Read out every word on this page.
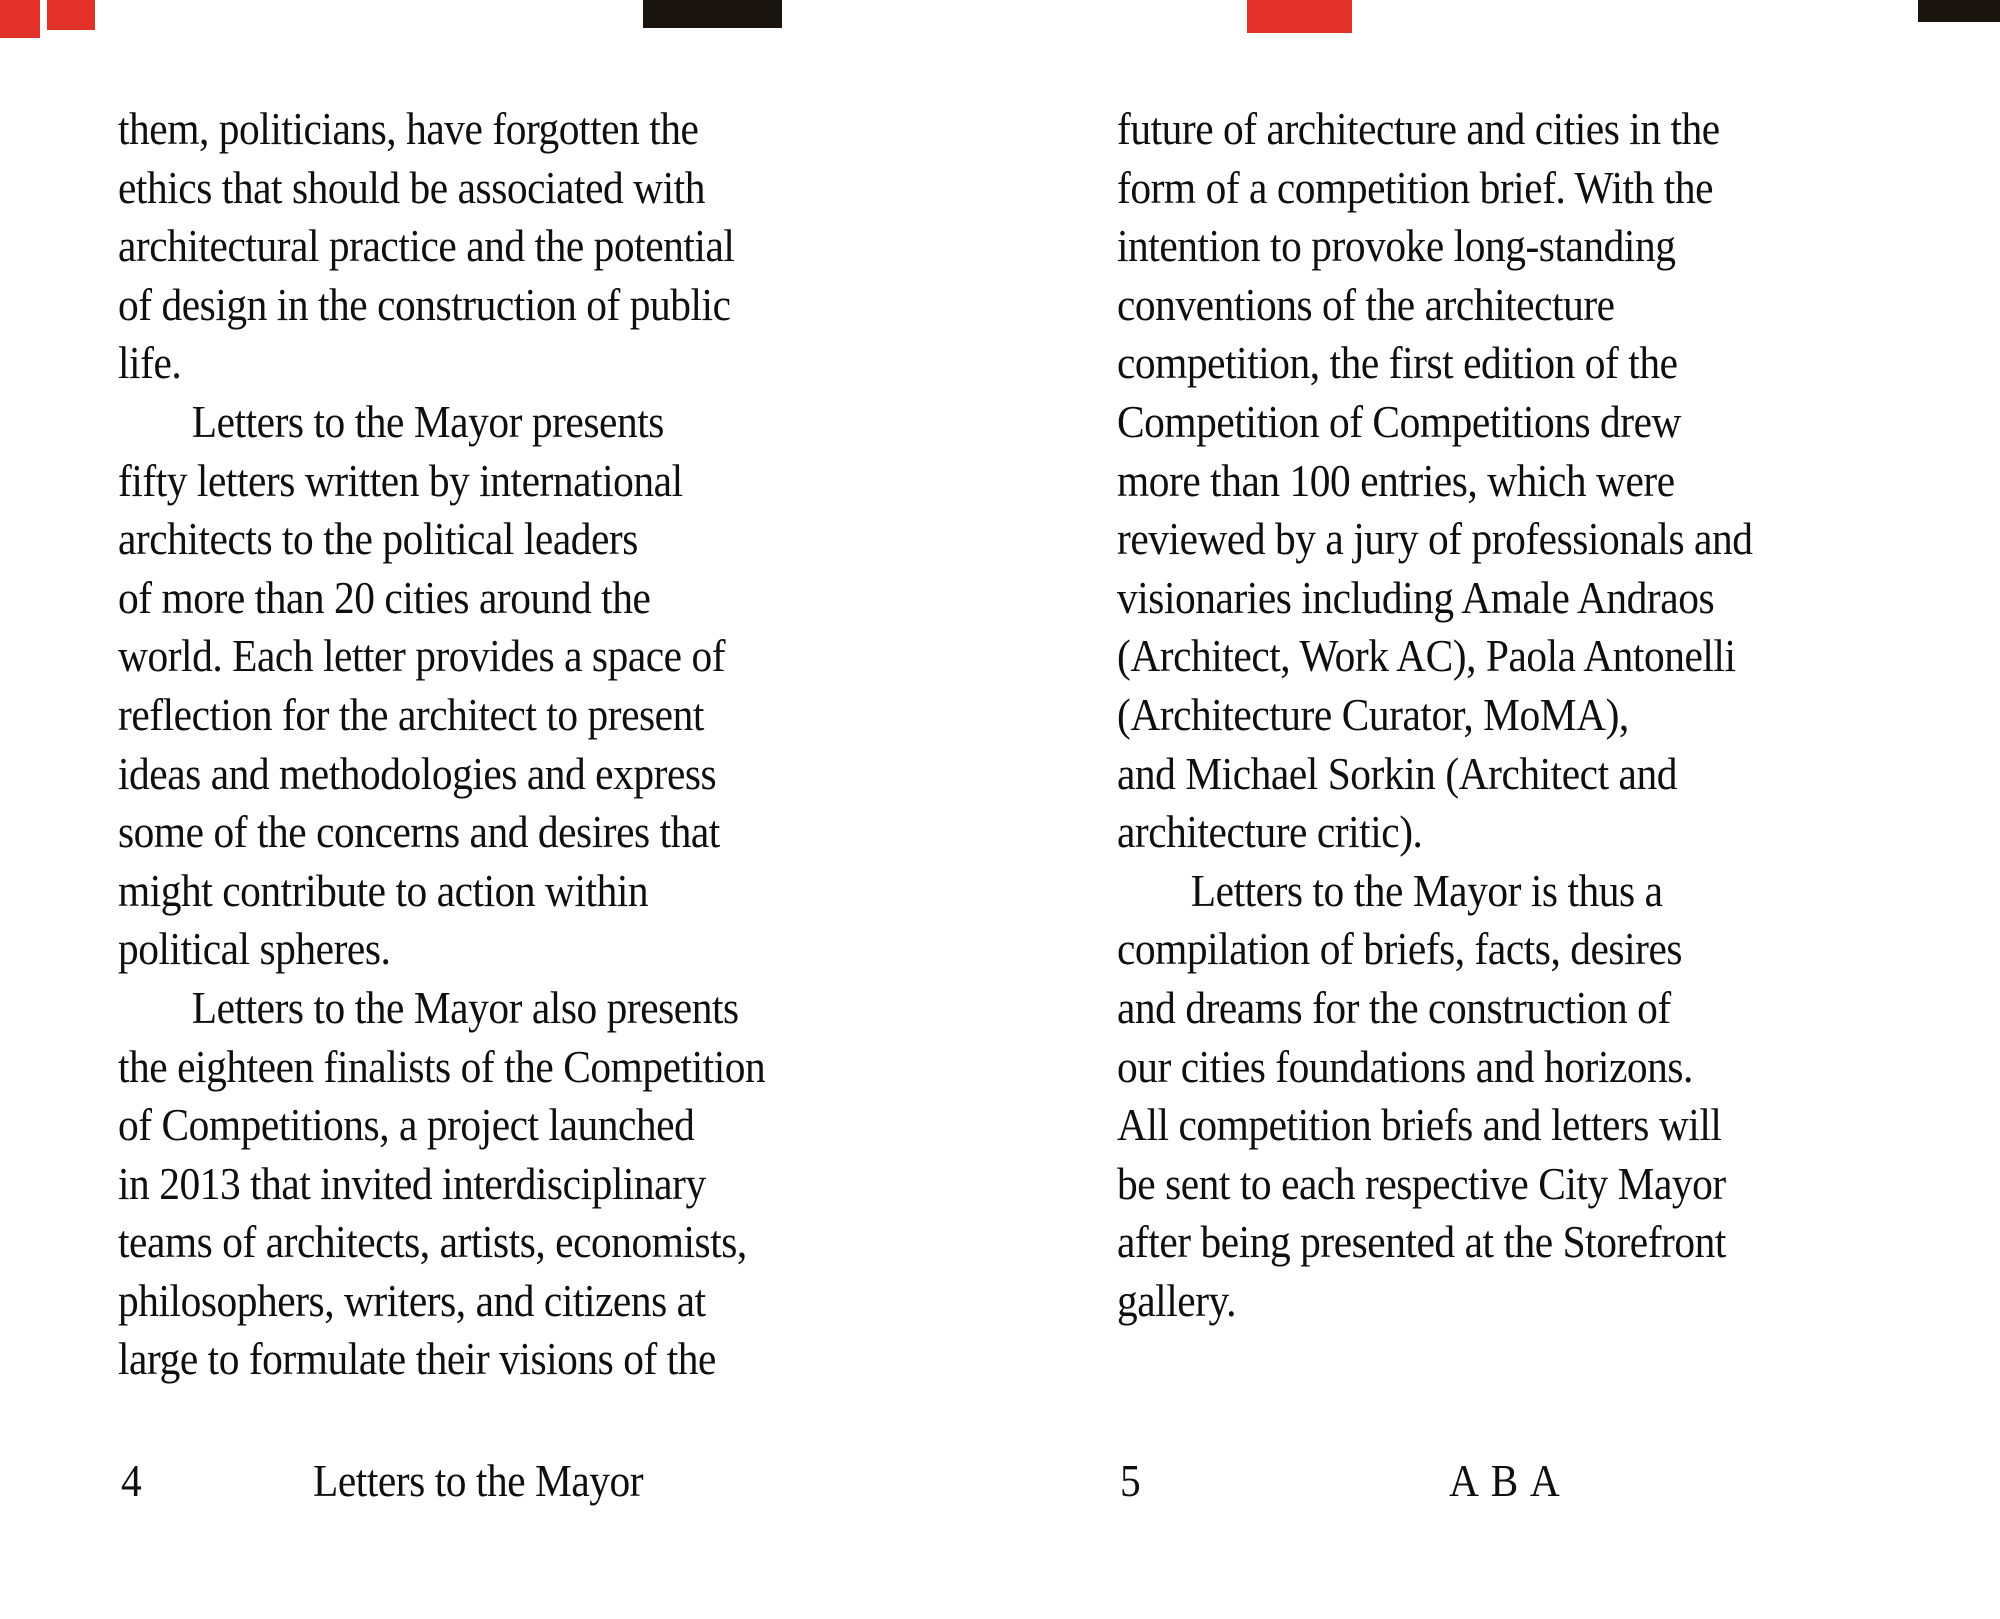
them, politicians, have forgotten the
ethics that should be associated with
architectural practice and the potential
of design in the construction of public
life.
Letters to the Mayor presents
fifty letters written by international
architects to the political leaders
of more than 20 cities around the
world. Each letter provides a space of
reflection for the architect to present
ideas and methodologies and express
some of the concerns and desires that
might contribute to action within
political spheres.
Letters to the Mayor also presents
the eighteen finalists of the Competition
of Competitions, a project launched
in 2013 that invited interdisciplinary
teams of architects, artists, economists,
philosophers, writers, and citizens at
large to formulate their visions of the
future of architecture and cities in the
form of a competition brief. With the
intention to provoke long-standing
conventions of the architecture
competition, the first edition of the
Competition of Competitions drew
more than 100 entries, which were
reviewed by a jury of professionals and
visionaries including Amale Andraos
(Architect, Work AC), Paola Antonelli
(Architecture Curator, MoMA),
and Michael Sorkin (Architect and
architecture critic).
Letters to the Mayor is thus a
compilation of briefs, facts, desires
and dreams for the construction of
our cities foundations and horizons.
All competition briefs and letters will
be sent to each respective City Mayor
after being presented at the Storefront
gallery.
4	Letters to the Mayor	5	A B A
